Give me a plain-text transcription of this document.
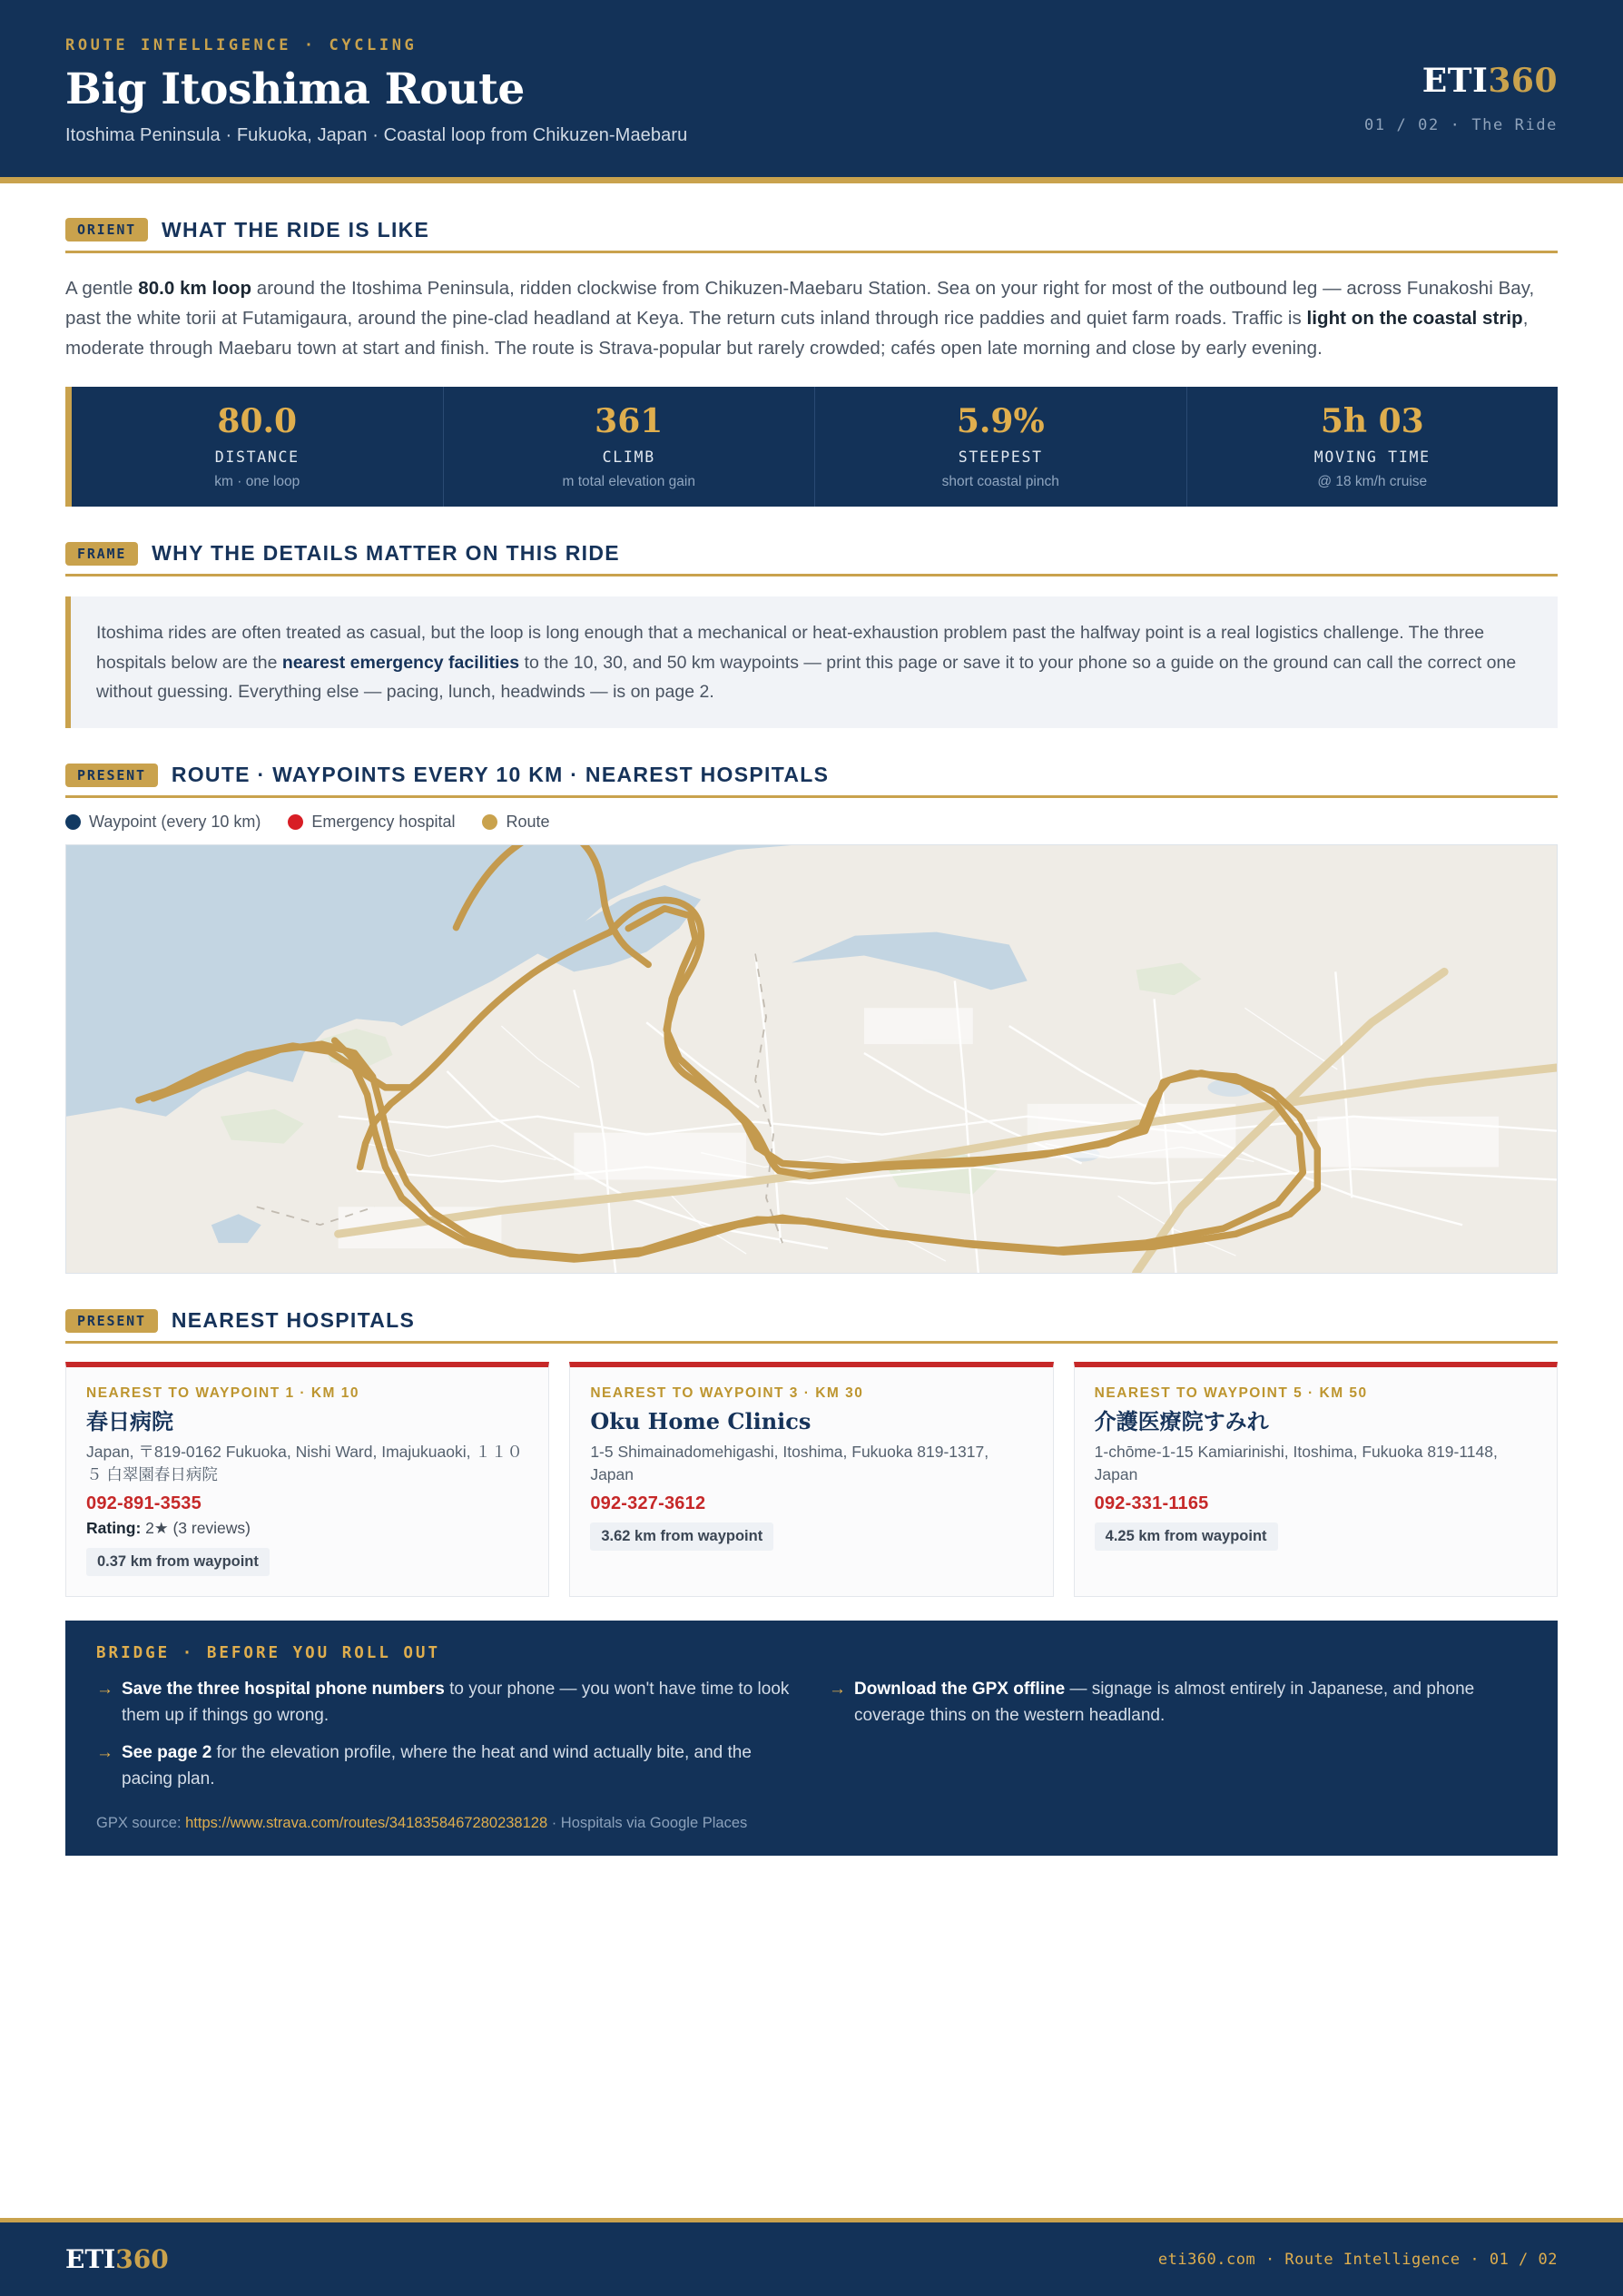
ROUTE INTELLIGENCE · CYCLING
Big Itoshima Route
Itoshima Peninsula · Fukuoka, Japan · Coastal loop from Chikuzen-Maebaru
ETI360
01 / 02 · The Ride
ORIENT	WHAT THE RIDE IS LIKE

A gentle 80.0 km loop around the Itoshima Peninsula, ridden clockwise from Chikuzen-Maebaru Station. Sea on your right for most of the outbound leg — across Funakoshi Bay, past the white torii at Futamigaura, around the pine-clad headland at Keya. The return cuts inland through rice paddies and quiet farm roads. Traffic is light on the coastal strip, moderate through Maebaru town at start and finish. The route is Strava-popular but rarely crowded; cafés open late morning and close by early evening.

80.0
DISTANCE
km · one loop
361
CLIMB
m total elevation gain
5.9%
STEEPEST
short coastal pinch
5h 03
MOVING TIME
@ 18 km/h cruise
FRAME	WHY THE DETAILS MATTER ON THIS RIDE
Itoshima rides are often treated as casual, but the loop is long enough that a mechanical or heat-exhaustion problem past the halfway point is a real logistics challenge. The three hospitals below are the nearest emergency facilities to the 10, 30, and 50 km waypoints — print this page or save it to your phone so a guide on the ground can call the correct one without guessing. Everything else — pacing, lunch, headwinds — is on page 2.
PRESENT	ROUTE · WAYPOINTS EVERY 10 KM · NEAREST HOSPITALS
Waypoint (every 10 km)	Emergency hospital	Route
PRESENT	NEAREST HOSPITALS
NEAREST TO WAYPOINT 1 · KM 10
春日病院
Japan, 〒819-0162 Fukuoka, Nishi Ward, Imajukuaoki, １１０５ 白翠園春日病院
092-891-3535
Rating: 2★ (3 reviews)
0.37 km from waypoint
NEAREST TO WAYPOINT 3 · KM 30
Oku Home Clinics
1-5 Shimainadomehigashi, Itoshima, Fukuoka 819-1317, Japan
092-327-3612
3.62 km from waypoint
NEAREST TO WAYPOINT 5 · KM 50
介護医療院すみれ
1-chōme-1-15 Kamiarinishi, Itoshima, Fukuoka 819-1148, Japan
092-331-1165
4.25 km from waypoint
BRIDGE · BEFORE YOU ROLL OUT
→ Save the three hospital phone numbers to your phone — you won't have time to look them up if things go wrong.
→ See page 2 for the elevation profile, where the heat and wind actually bite, and the pacing plan.
→ Download the GPX offline — signage is almost entirely in Japanese, and phone coverage thins on the western headland.
GPX source: https://www.strava.com/routes/3418358467280238128 · Hospitals via Google Places
ETI360	eti360.com · Route Intelligence · 01 / 02
